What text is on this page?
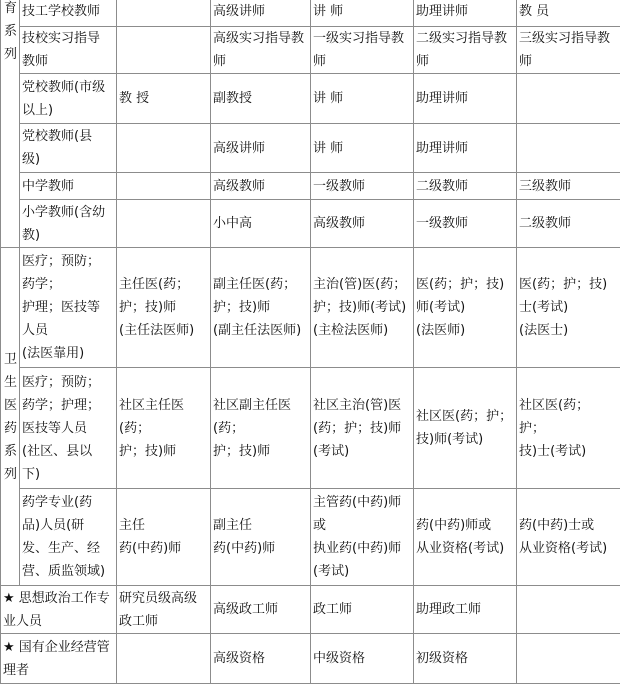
育系列	技工学校教师		高级讲师	讲 师	助理讲师	教 员
	技校实习指导
教师		高级实习指导教
师	一级实习指导教
师	二级实习指导教
师	三级实习指导教
师
	党校教师(市级
以上)	教 授	副教授	讲 师	助理讲师	
	党校教师(县
级)		高级讲师	讲 师	助理讲师	
	中学教师		高级教师	一级教师	二级教师	三级教师
	小学教师(含幼
教)		小中高	高级教师	一级教师	二级教师

卫生医药系列	医疗；预防；
药学；
护理；医技等
人员
(法医靠用)	主任医(药；
护；技)师
(主任法医师)	副主任医(药；
护；技)师
(副主任法医师)	主治(管)医(药；
护；技)师(考试)
(主检法医师)	医(药；护；技)
师(考试)
(法医师)	医(药；护；技)
士(考试)
(法医士)
	医疗；预防；
药学；护理；
医技等人员
(社区、县以
下)	社区主任医
(药；
护；技)师	社区副主任医
(药；
护；技)师	社区主治(管)医
(药；护；技)师
(考试)	社区医(药；护；
技)师(考试)	社区医(药；
护；
技)士(考试)
	药学专业(药
品)人员(研
发、生产、经
营、质监领域)	主任
药(中药)师	副主任
药(中药)师	主管药(中药)师
或
执业药(中药)师
(考试)	药(中药)师或
从业资格(考试)	药(中药)士或
从业资格(考试)
★ 思想政治工作专
业人员		研究员级高级
政工师	高级政工师	政工师	助理政工师	
★ 国有企业经营管
理者			高级资格	中级资格	初级资格	
